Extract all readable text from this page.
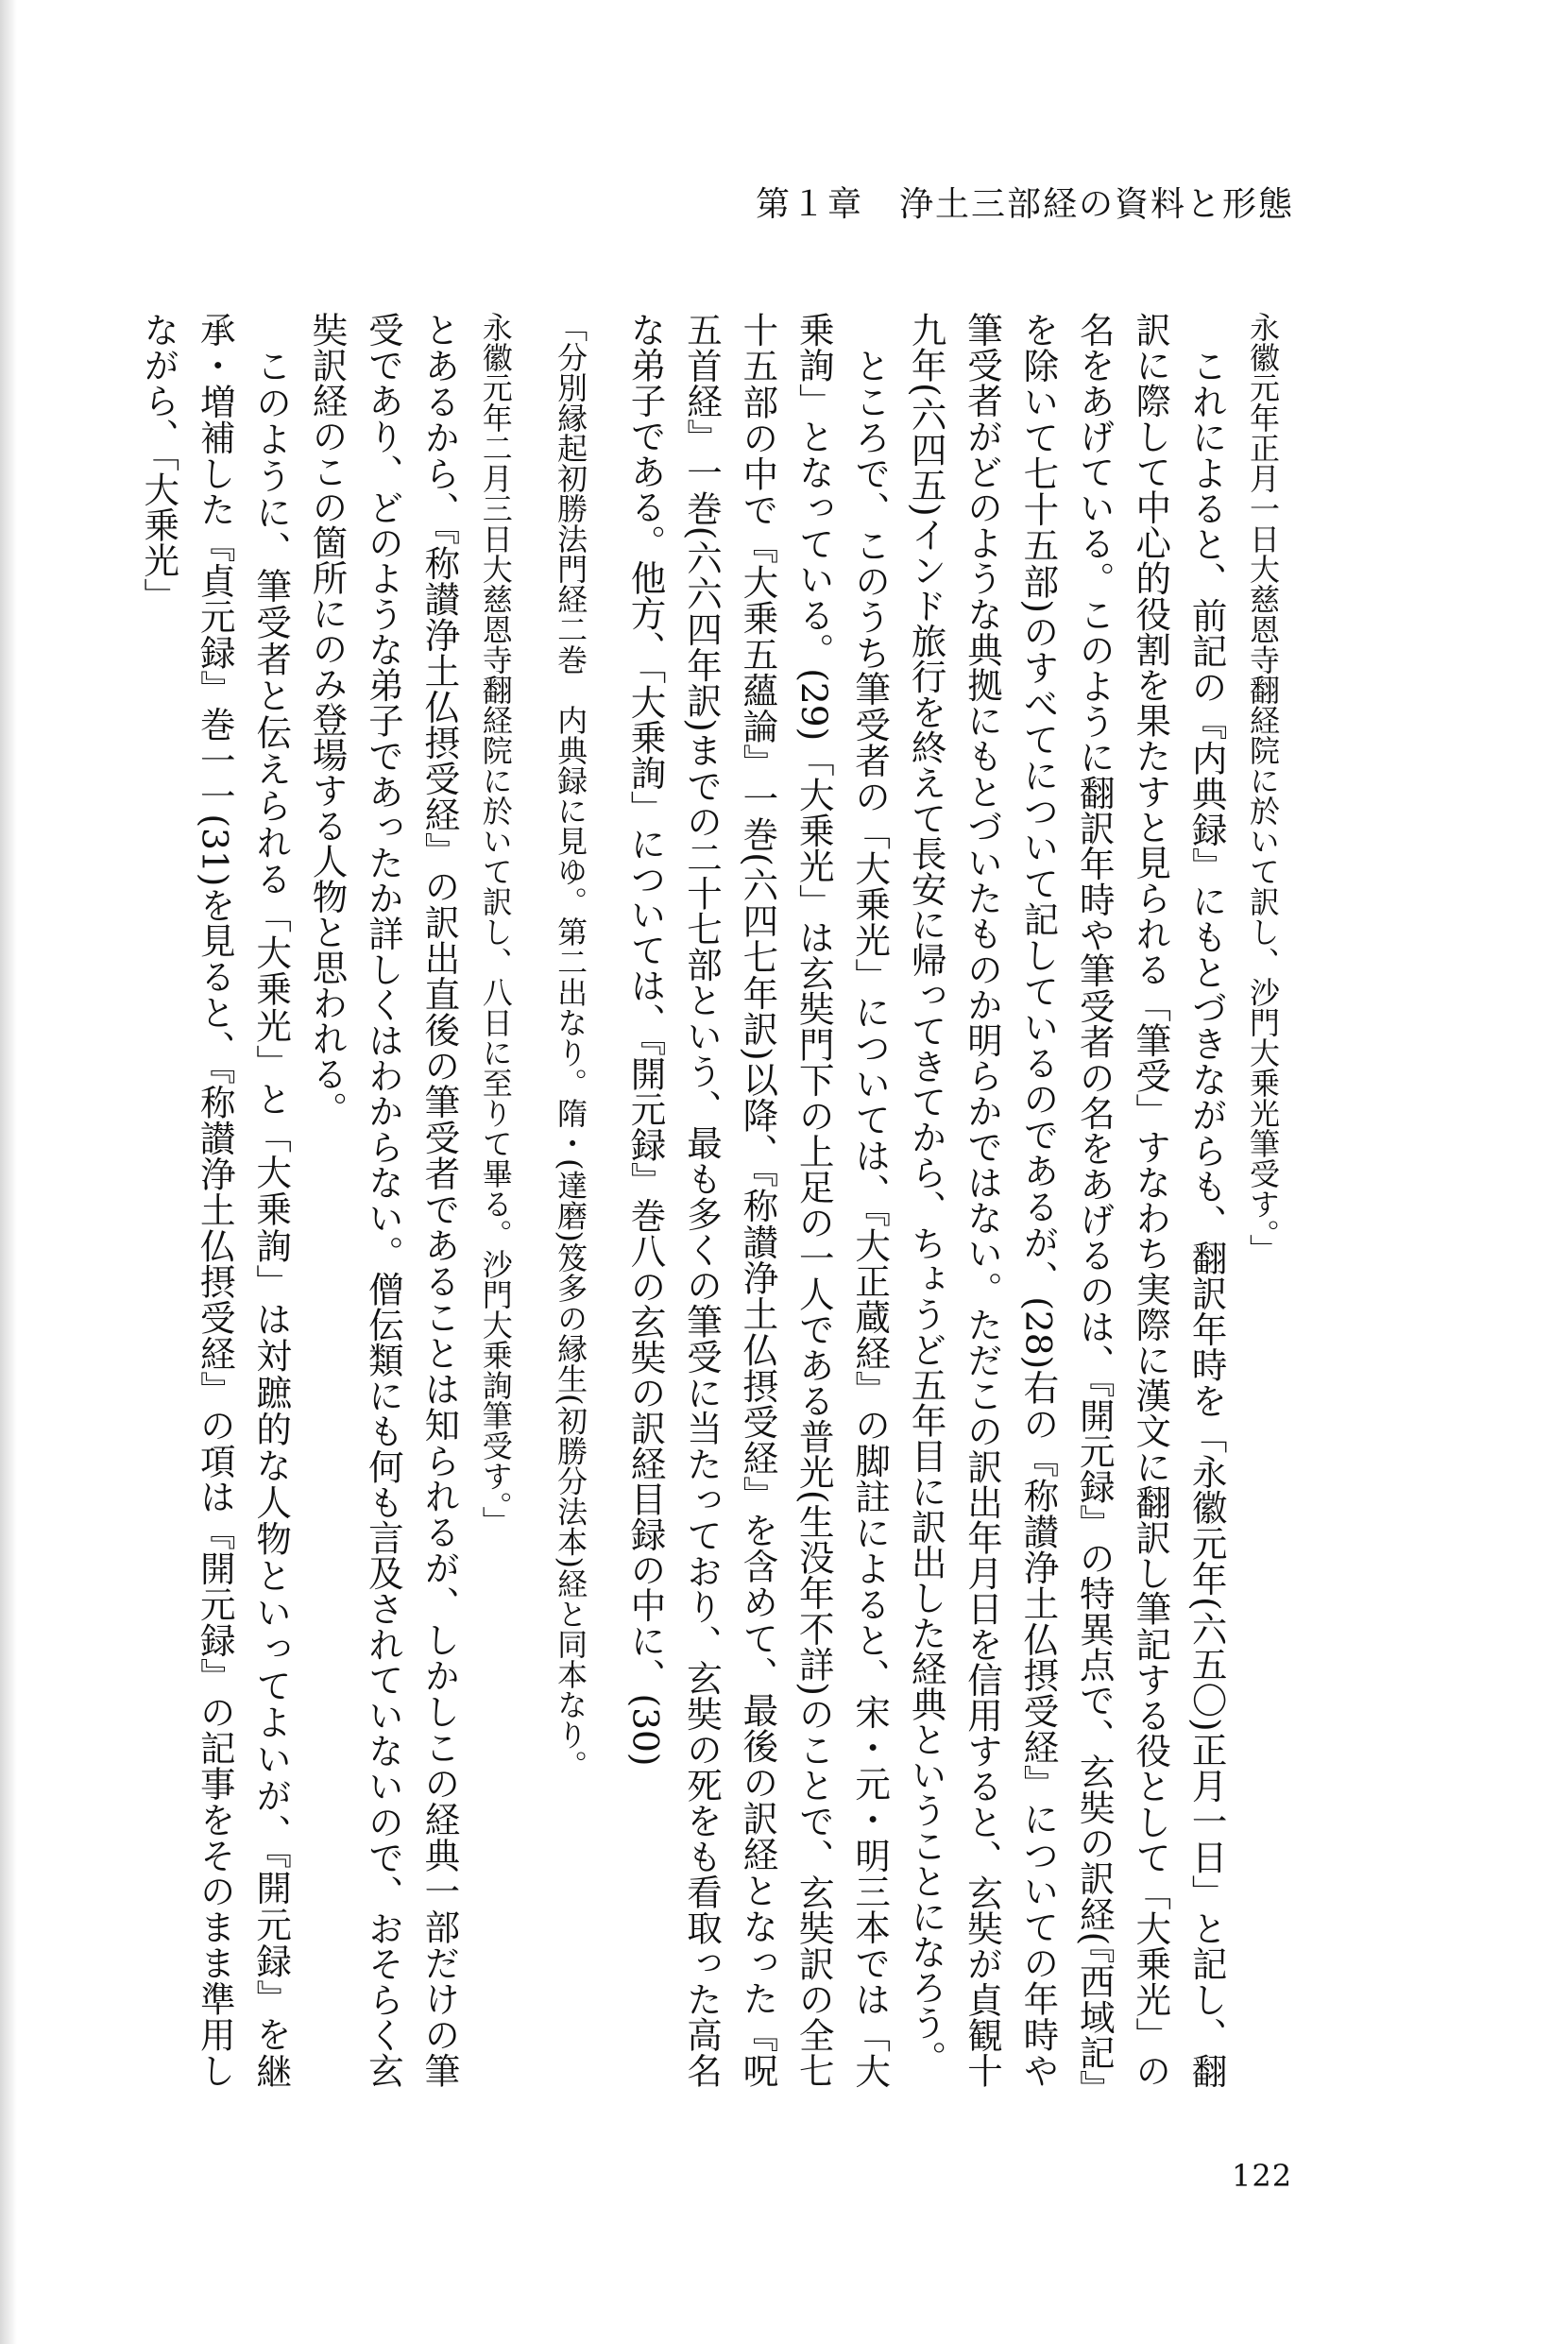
第１章　浄土三部経の資料と形態

永徽元年正月一日大慈恩寺翻経院に於いて訳し、沙門大乗光筆受す。」

これによると、前記の『内典録』にもとづきながらも、翻訳年時を「永徽元年(六五〇)正月一日」と記し、翻訳に際して中心的役割を果たすと見られる「筆受」すなわち実際に漢文に翻訳し筆記する役として「大乗光」の名をあげている。このように翻訳年時や筆受者の名をあげるのは、『開元録』の特異点で、玄奘の訳経(『西域記』を除いて七十五部)のすべてについて記しているのであるが、(28)右の『称讃浄土仏摂受経』についての年時や筆受者がどのような典拠にもとづいたものか明らかではない。ただこの訳出年月日を信用すると、玄奘が貞観十九年(六四五)インド旅行を終えて長安に帰ってきてから、ちょうど五年目に訳出した経典ということになろう。

ところで、このうち筆受者の「大乗光」については、『大正蔵経』の脚註によると、宋・元・明三本では「大乗詢」となっている。(29)「大乗光」は玄奘門下の上足の一人である普光(生没年不詳)のことで、玄奘訳の全七十五部の中で『大乗五蘊論』一巻(六四七年訳)以降、『称讃浄土仏摂受経』を含めて、最後の訳経となった『呪五首経』一巻(六六四年訳)までの二十七部という、最も多くの筆受に当たっており、玄奘の死をも看取った高名な弟子である。他方、「大乗詢」については、『開元録』巻八の玄奘の訳経目録の中に、(30)

「分別縁起初勝法門経二巻　内典録に見ゆ。第二出なり。隋・(達磨)笈多の縁生(初勝分法本)経と同本なり。

永徽元年二月三日大慈恩寺翻経院に於いて訳し、八日に至りて畢る。沙門大乗詢筆受す。」

とあるから、『称讃浄土仏摂受経』の訳出直後の筆受者であることは知られるが、しかしこの経典一部だけの筆受であり、どのような弟子であったか詳しくはわからない。僧伝類にも何も言及されていないので、おそらく玄奘訳経のこの箇所にのみ登場する人物と思われる。

このように、筆受者と伝えられる「大乗光」と「大乗詢」は対蹠的な人物といってよいが、『開元録』を継承・増補した『貞元録』巻一一(31)を見ると、『称讃浄土仏摂受経』の項は『開元録』の記事をそのまま準用しながら、「大乗光」

122
